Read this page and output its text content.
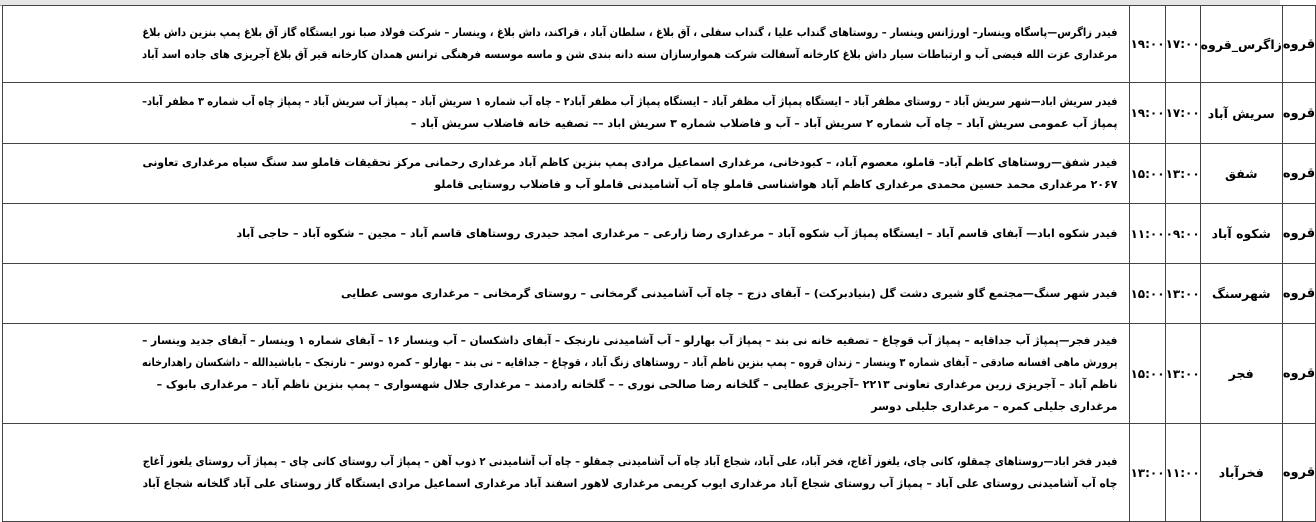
قروه	زاگرس_قروه	۱۷:۰۰	۱۹:۰۰	فیدر زاگرس—پاسگاه وینسار– اورژانس وینسار – روستاهای گنداب علیا ، گنداب سفلی ، آق بلاغ ، سلطان آباد ، قراکند، داش بلاغ ، وینسار – شرکت فولاد صبا نور ایستگاه گاز آق بلاغ پمپ بنزین داش بلاغ
مرغداری عزت الله فیضی آب و ارتباطات سیار داش بلاغ کارخانه آسفالت شرکت هموارسازان سنه دانه بندی شن و ماسه موسسه فرهنگی ترانس همدان کارخانه قیر آق بلاغ آجریزی های جاده اسد آباد

قروه	سریش آباد	۱۷:۰۰	۱۹:۰۰	فیدر سریش اباد—شهر سریش آباد – روستای مظفر آباد – ایستگاه پمپاژ آب مظفر آباد – ایستگاه پمپاژ آب مظفر آباد۲ – چاه آب شماره ۱ سریش آباد – پمپاژ آب سریش آباد – پمپاژ چاه آب شماره ۳ مظفر آباد–
پمپاژ آب عمومی سریش آباد – چاه آب شماره ۲ سریش آباد – آب و فاضلاب شماره ۳ سریش اباد –– تصفیه خانه فاضلاب سریش آباد –

قروه	شفق	۱۳:۰۰	۱۵:۰۰	فیدر شفق—روستاهای کاظم آباد– قاملو، معصوم آباد، – کبودخانی، مرغداری اسماعیل مرادی پمپ بنزین کاظم آباد مرغداری رحمانی مرکز تحقیقات قاملو سد سنگ سیاه مرغداری تعاونی
۲۰۶۷ مرغداری محمد حسین محمدی مرغداری کاظم آباد هواشناسی قاملو چاه آب آشامیدنی قاملو آب و فاضلاب روستایی قاملو

قروه	شکوه آباد	۰۹:۰۰	۱۱:۰۰	فیدر شکوه اباد— آبفای قاسم آباد – ایستگاه پمپاژ آب شکوه آباد – مرغداری رضا زارعی – مرغداری امجد حیدری روستاهای قاسم آباد – مجین – شکوه آباد – حاجی آباد

قروه	شهرسنگ	۱۳:۰۰	۱۵:۰۰	فیدر شهر سنگ—مجتمع گاو شیری دشت گل (بنیادبرکت) – آبفای دزج – چاه آب آشامیدنی گرمخانی – روستای گرمخانی – مرغداری موسی عطایی

قروه	فجر	۱۳:۰۰	۱۵:۰۰	فیدر فجر—پمپاژ آب جداقایه – پمپاژ آب قوچاغ – تصفیه خانه نی بند – پمپاژ آب بهارلو – آب آشامیدنی نارنجک – آبفای داشکسان – آب وینسار ۱۶ – آبفای شماره ۱ وینسار – آبفای جدید وینسار –
پرورش ماهی افسانه صادقی – آبفای شماره ۳ وینسار – زندان قروه – پمپ بنزین ناظم آباد – روستاهای زنگ آباد ، قوچاغ – جداقایه – نی بند – بهارلو – کمره دوسر – نارنجک – باباشیدالله – داشکسان راهدارخانه
ناظم آباد – آجریزی زرین مرغداری تعاونی ۲۲۱۳ –آجریزی عطایی – گلخانه رضا صالحی نوری – – گلخانه رادمند – مرغداری جلال شهسواری – پمپ بنزین ناظم آباد – مرغداری بابوک –
مرغداری جلیلی کمره – مرغداری جلیلی دوسر

قروه	فخرآباد	۱۱:۰۰	۱۳:۰۰	فیدر فخر اباد—روستاهای چمقلو، کانی چای، یلغوز آغاج، فخر آباد، علی آباد، شجاع آباد چاه آب آشامیدنی چمقلو – چاه آب آشامیدنی ۲ ذوب آهن – پمپاژ آب روستای کانی چای – پمپاژ آب روستای یلغوز آغاج
چاه آب آشامیدنی روستای علی آباد – پمپاژ آب روستای شجاع آباد مرغداری ایوب کریمی مرغداری لاهور اسفند آباد مرغداری اسماعیل مرادی ایستگاه گاز روستای علی آباد گلخانه شجاع آباد
